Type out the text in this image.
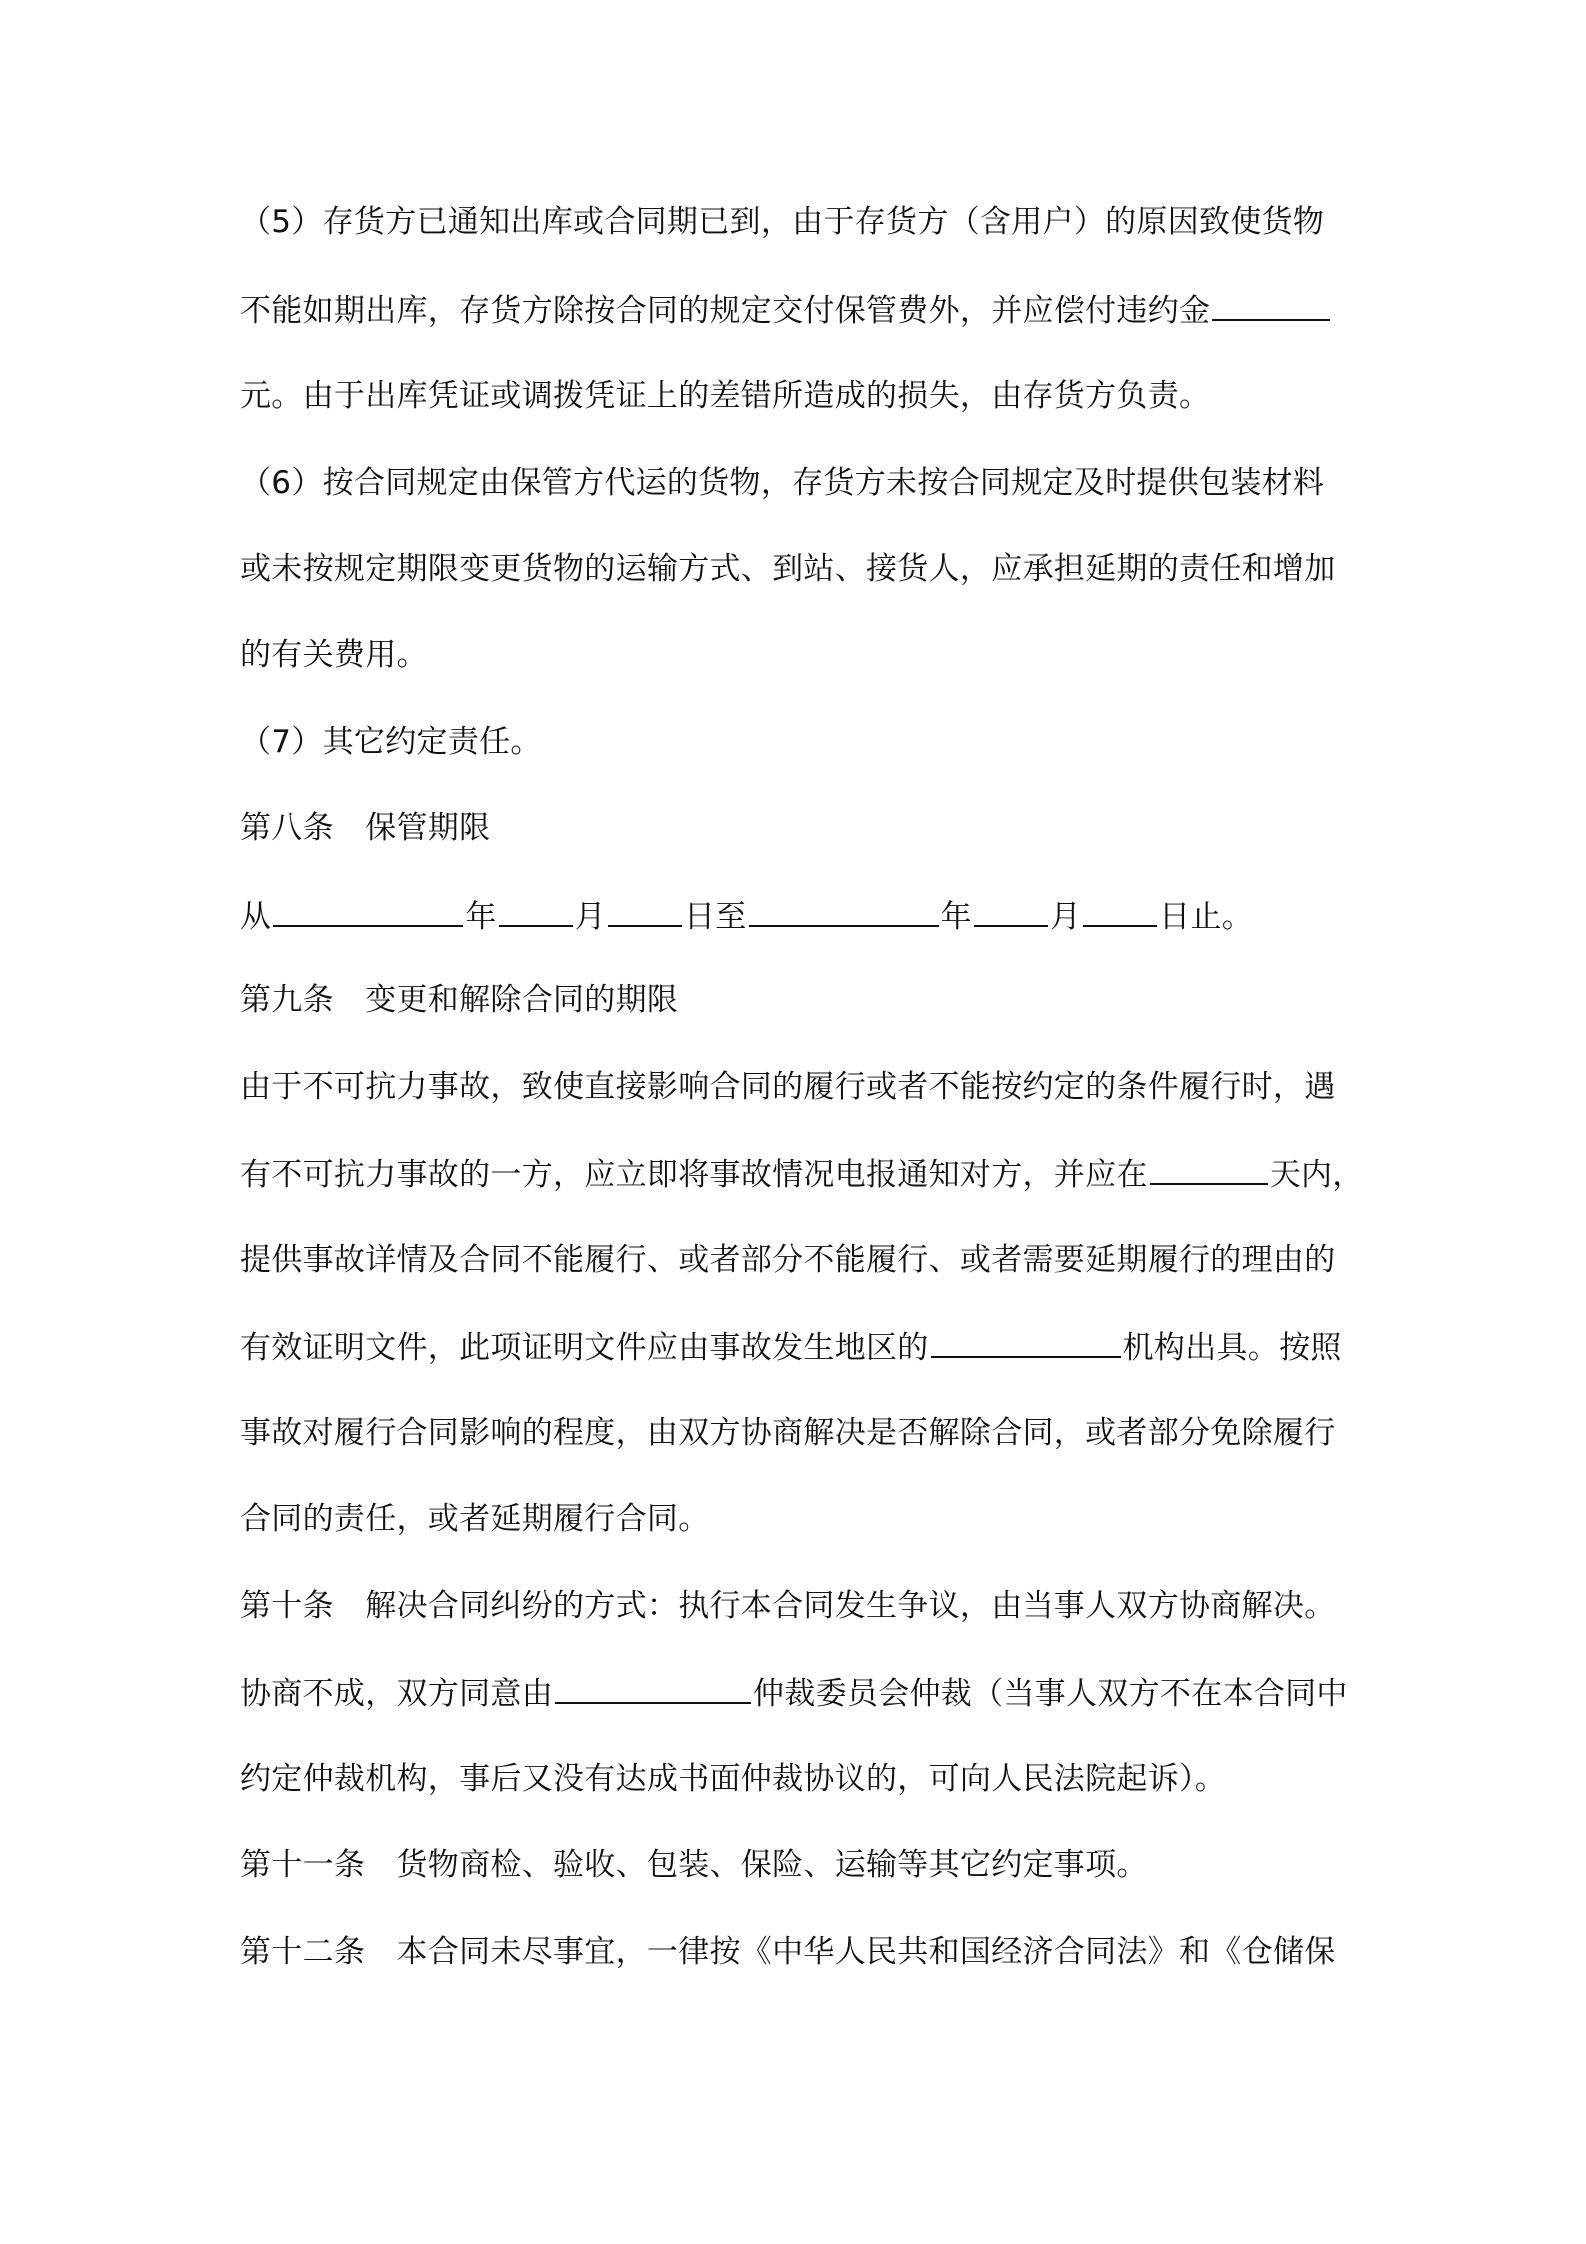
（5）存货方已通知出库或合同期已到，由于存货方（含用户）的原因致使货物
不能如期出库，存货方除按合同的规定交付保管费外，并应偿付违约金
元。由于出库凭证或调拨凭证上的差错所造成的损失，由存货方负责。
（6）按合同规定由保管方代运的货物，存货方未按合同规定及时提供包装材料
或未按规定期限变更货物的运输方式、到站、接货人，应承担延期的责任和增加
的有关费用。
（7）其它约定责任。
第八条　保管期限
从	年	月	日至	年	月	日止。
第九条　变更和解除合同的期限
由于不可抗力事故，致使直接影响合同的履行或者不能按约定的条件履行时，遇
有不可抗力事故的一方，应立即将事故情况电报通知对方，并应在	天内，
提供事故详情及合同不能履行、或者部分不能履行、或者需要延期履行的理由的
有效证明文件，此项证明文件应由事故发生地区的	机构出具。按照
事故对履行合同影响的程度，由双方协商解决是否解除合同，或者部分免除履行
合同的责任，或者延期履行合同。
第十条　解决合同纠纷的方式：执行本合同发生争议，由当事人双方协商解决。
协商不成，双方同意由	仲裁委员会仲裁（当事人双方不在本合同中
约定仲裁机构，事后又没有达成书面仲裁协议的，可向人民法院起诉）。
第十一条　货物商检、验收、包装、保险、运输等其它约定事项。
第十二条　本合同未尽事宜，一律按《中华人民共和国经济合同法》和《仓储保
